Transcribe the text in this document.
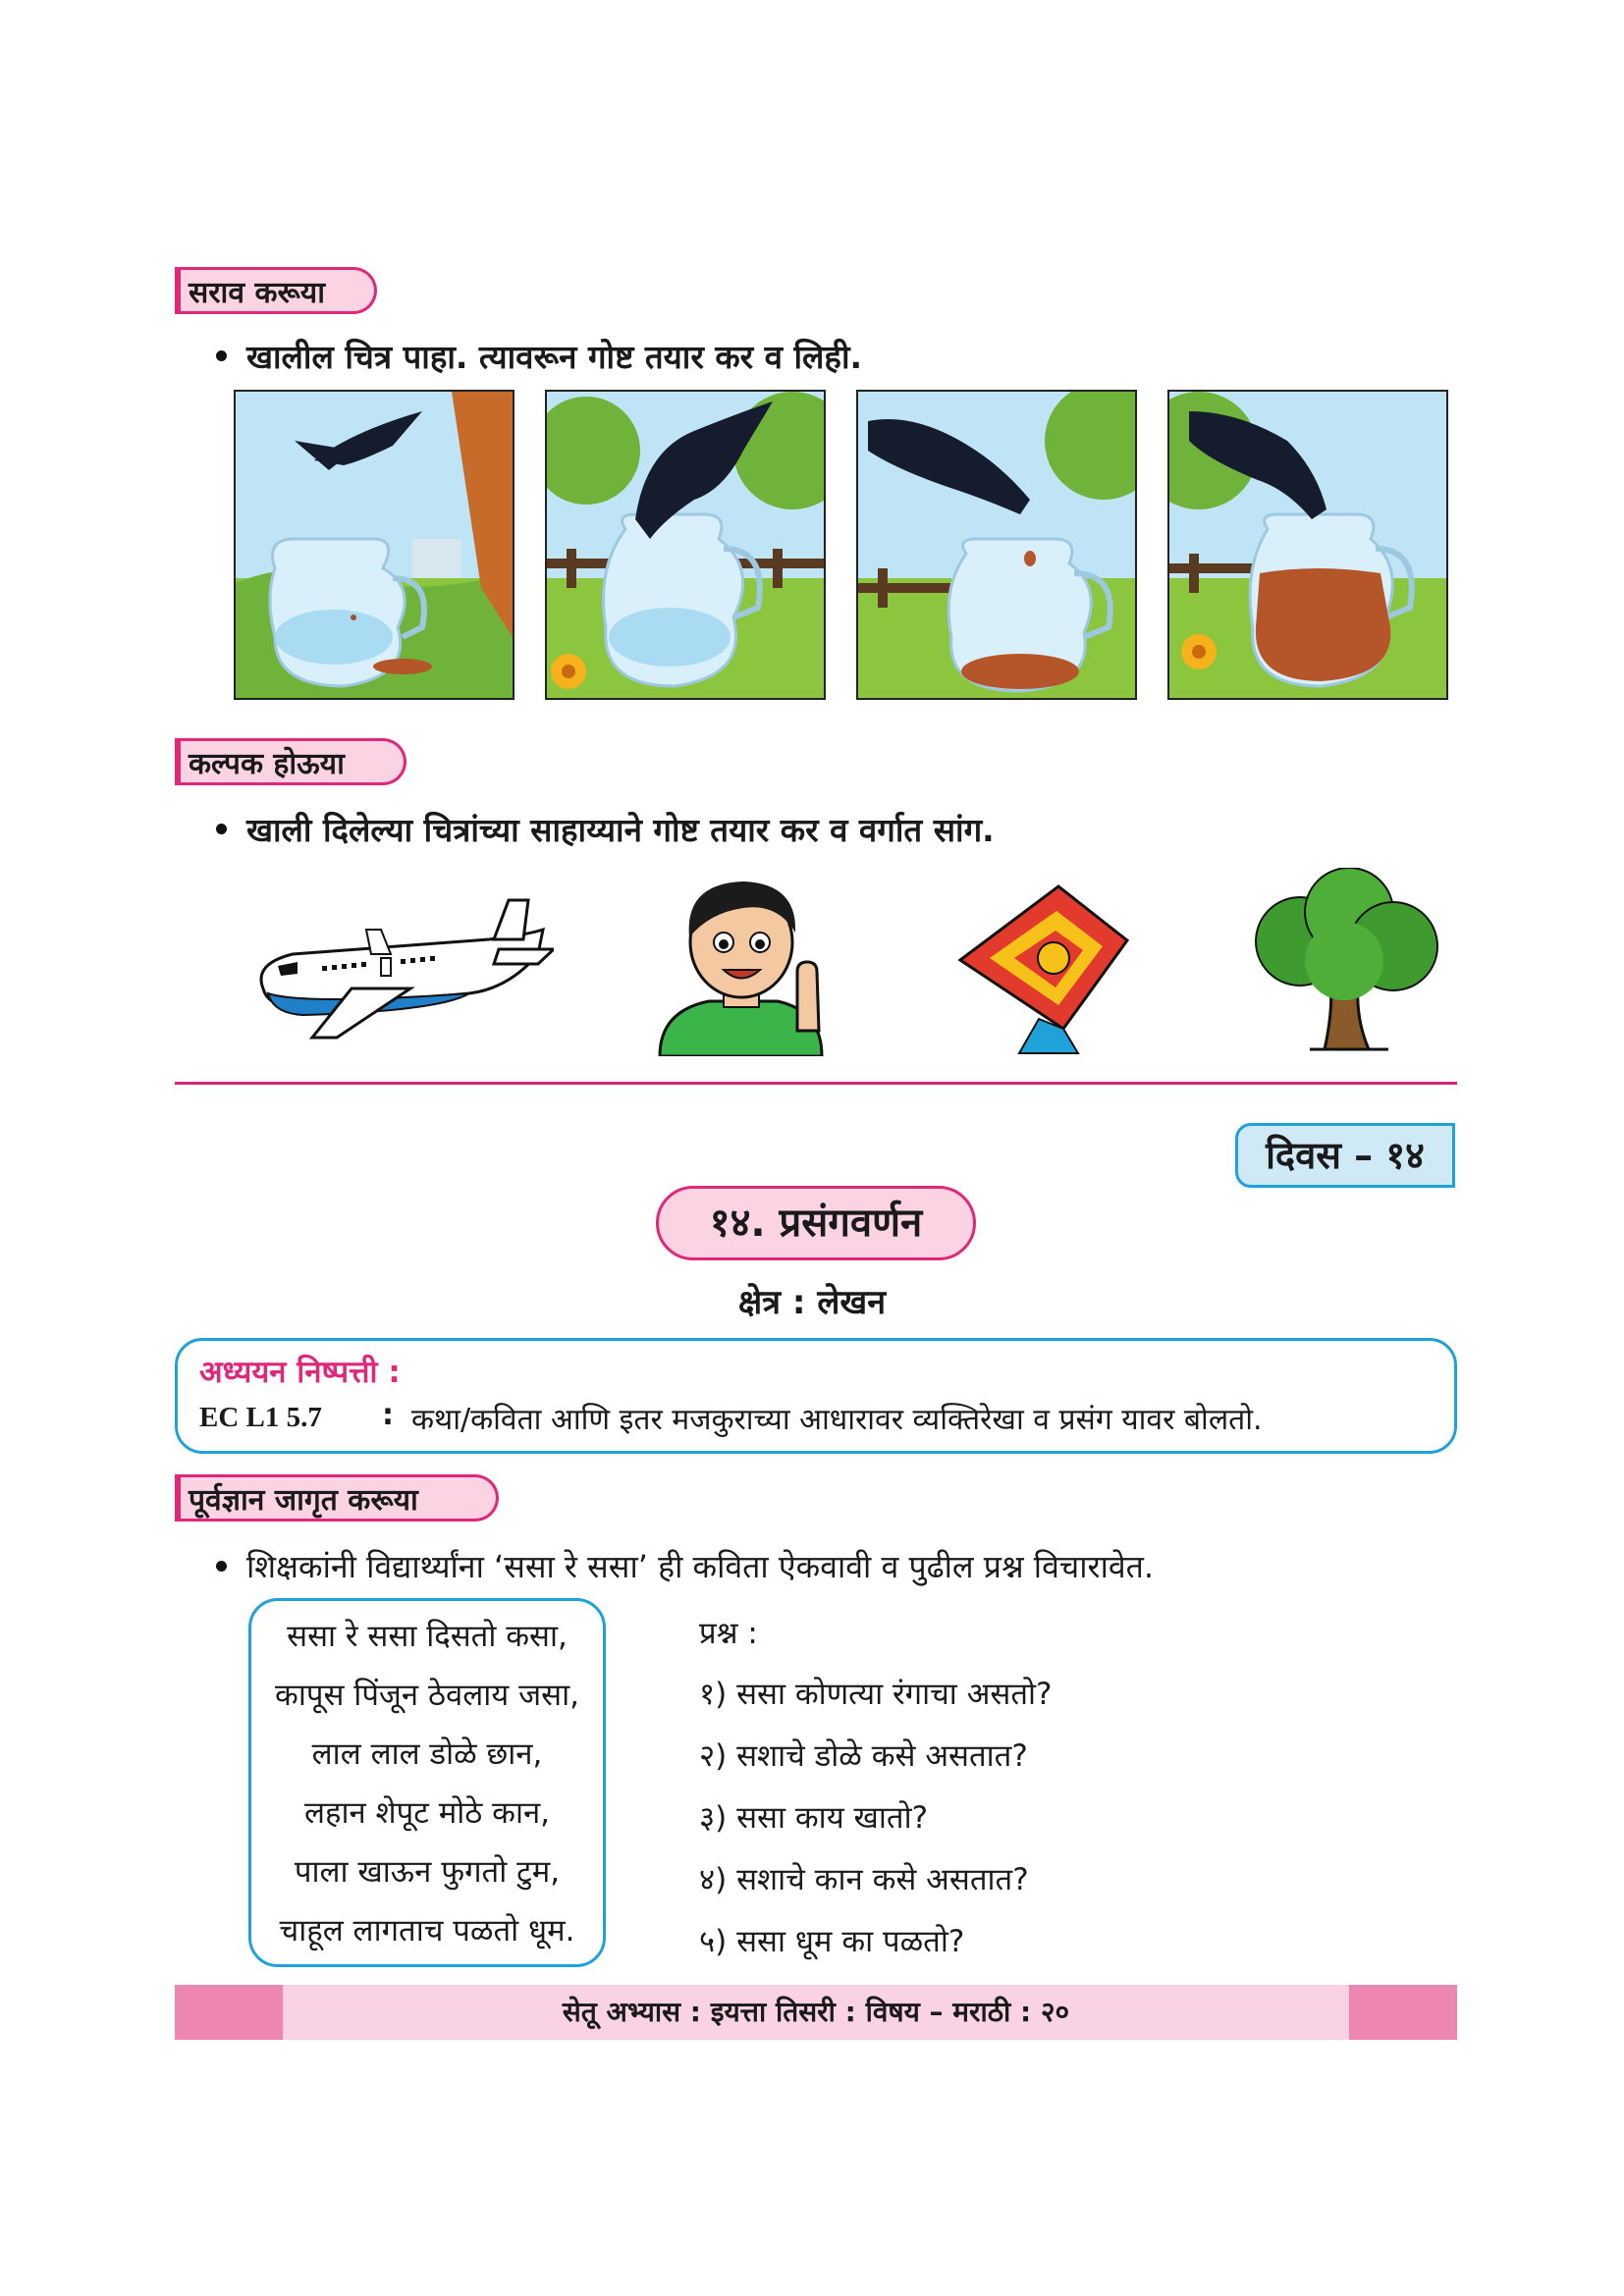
सराव करूया
खालील चित्र पाहा. त्यावरून गोष्ट तयार कर व लिही.
कल्पक होऊया
खाली दिलेल्या चित्रांच्या साहाय्याने गोष्ट तयार कर व वर्गात सांग.
दिवस – १४
१४. प्रसंगवर्णन
क्षेत्र : लेखन
अध्ययन निष्पत्ती :
EC L1 5.7 : कथा/कविता आणि इतर मजकुराच्या आधारावर व्यक्तिरेखा व प्रसंग यावर बोलतो.
पूर्वज्ञान जागृत करूया
शिक्षकांनी विद्यार्थ्यांना ‘ससा रे ससा’ ही कविता ऐकवावी व पुढील प्रश्न विचारावेत.
ससा रे ससा दिसतो कसा,
कापूस पिंजून ठेवलाय जसा,
लाल लाल डोळे छान,
लहान शेपूट मोठे कान,
पाला खाऊन फुगतो टुम,
चाहूल लागताच पळतो धूम.
प्रश्न :
१) ससा कोणत्या रंगाचा असतो?
२) सशाचे डोळे कसे असतात?
३) ससा काय खातो?
४) सशाचे कान कसे असतात?
५) ससा धूम का पळतो?
सेतू अभ्यास : इयत्ता तिसरी : विषय – मराठी : २०
